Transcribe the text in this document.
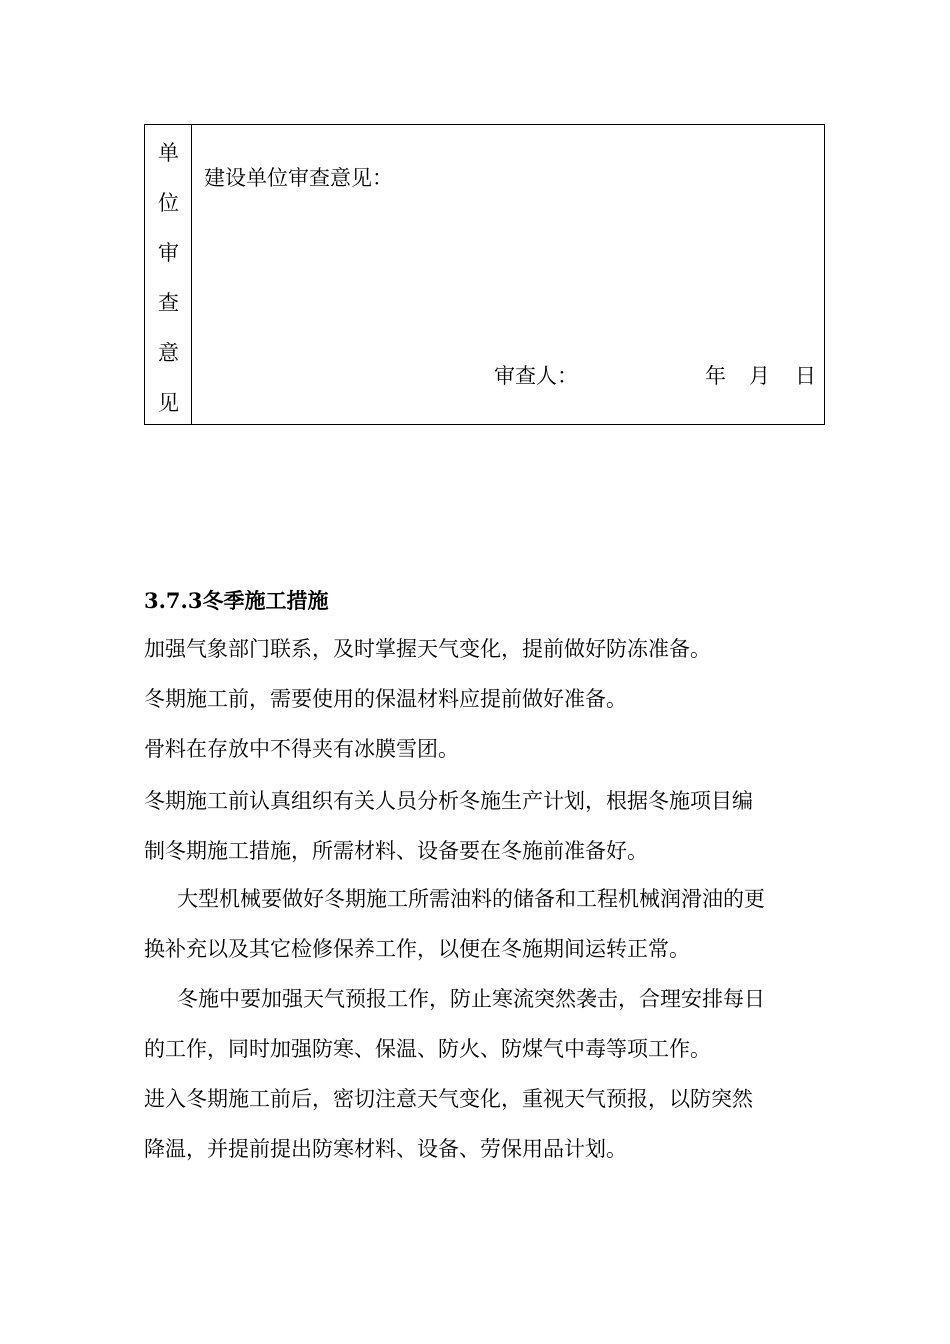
单
位
审
查
意
见
建设单位审查意见：
审查人：	年 月 日
3.7.3冬季施工措施
加强气象部门联系，及时掌握天气变化，提前做好防冻准备。
冬期施工前，需要使用的保温材料应提前做好准备。
骨料在存放中不得夹有冰膜雪团。
冬期施工前认真组织有关人员分析冬施生产计划，根据冬施项目编
制冬期施工措施，所需材料、设备要在冬施前准备好。
大型机械要做好冬期施工所需油料的储备和工程机械润滑油的更
换补充以及其它检修保养工作，以便在冬施期间运转正常。
冬施中要加强天气预报工作，防止寒流突然袭击，合理安排每日
的工作，同时加强防寒、保温、防火、防煤气中毒等项工作。
进入冬期施工前后，密切注意天气变化，重视天气预报，以防突然
降温，并提前提出防寒材料、设备、劳保用品计划。
